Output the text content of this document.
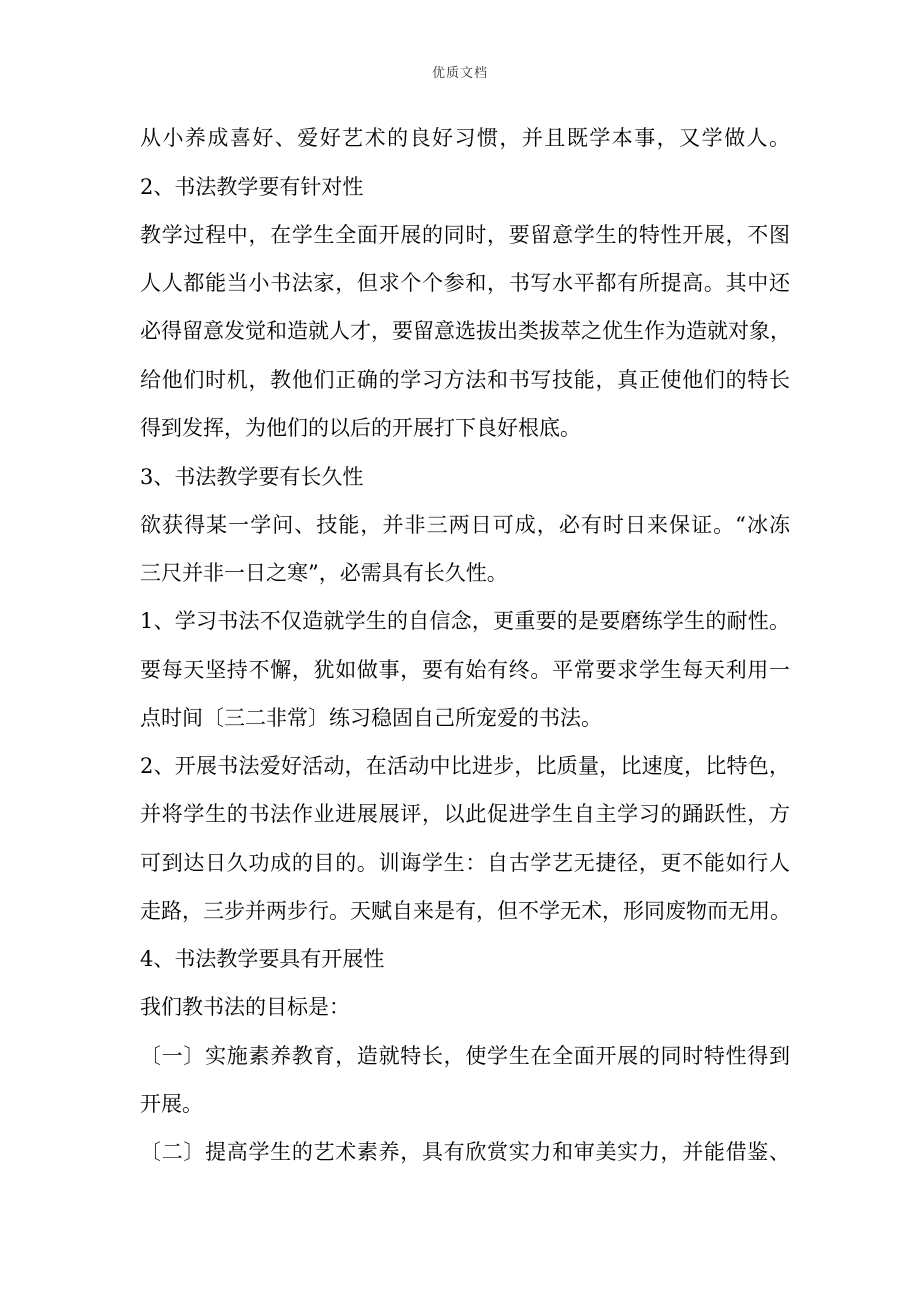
优质文档
从小养成喜好、爱好艺术的良好习惯，并且既学本事，又学做人。
2、书法教学要有针对性
教学过程中，在学生全面开展的同时，要留意学生的特性开展，不图
人人都能当小书法家，但求个个参和，书写水平都有所提高。其中还
必得留意发觉和造就人才，要留意选拔出类拔萃之优生作为造就对象，
给他们时机，教他们正确的学习方法和书写技能，真正使他们的特长
得到发挥，为他们的以后的开展打下良好根底。
3、书法教学要有长久性
欲获得某一学问、技能，并非三两日可成，必有时日来保证。“冰冻
三尺并非一日之寒”，必需具有长久性。
1、学习书法不仅造就学生的自信念，更重要的是要磨练学生的耐性。
要每天坚持不懈，犹如做事，要有始有终。平常要求学生每天利用一
点时间〔三二非常〕练习稳固自己所宠爱的书法。
2、开展书法爱好活动，在活动中比进步，比质量，比速度，比特色，
并将学生的书法作业进展展评，以此促进学生自主学习的踊跃性，方
可到达日久功成的目的。训诲学生：自古学艺无捷径，更不能如行人
走路，三步并两步行。天赋自来是有，但不学无术，形同废物而无用。
4、书法教学要具有开展性
我们教书法的目标是：
〔一〕实施素养教育，造就特长，使学生在全面开展的同时特性得到
开展。
〔二〕提高学生的艺术素养，具有欣赏实力和审美实力，并能借鉴、
